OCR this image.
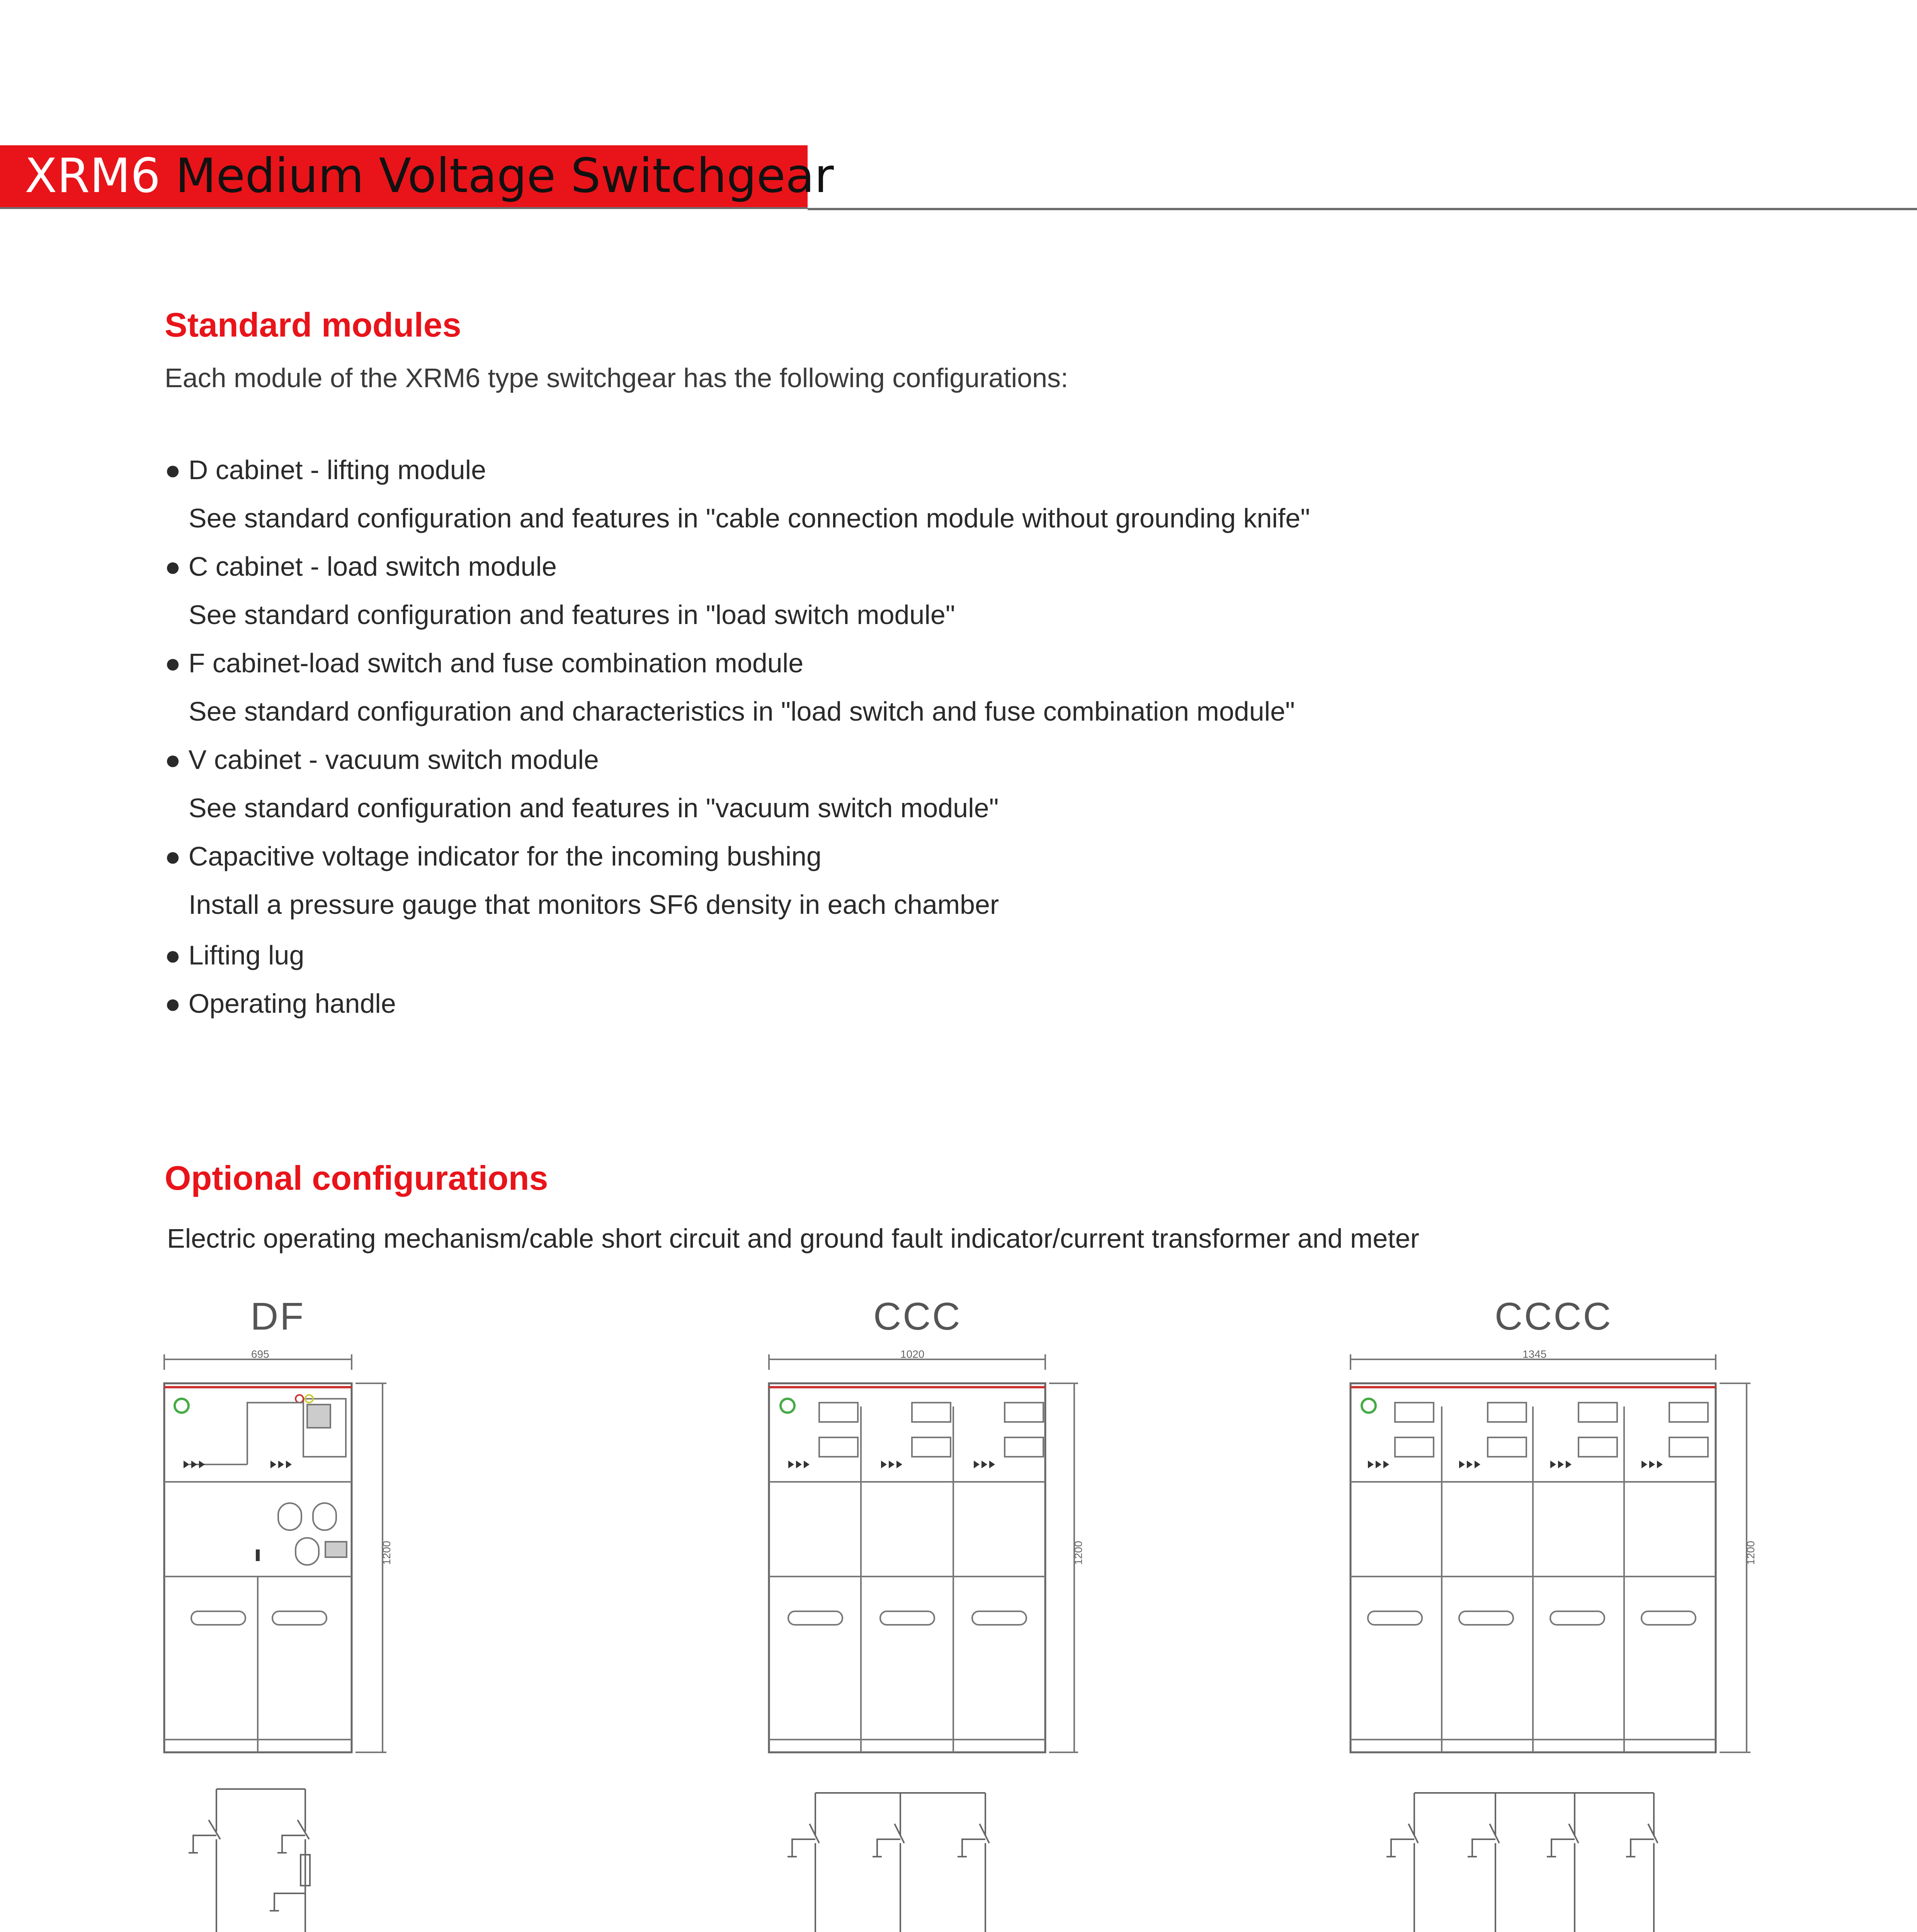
XRM6 Medium Voltage Switchgear
Standard modules
Each module of the XRM6 type switchgear has the following configurations:
● D cabinet - lifting module
See standard configuration and features in "cable connection module without grounding knife"
● C cabinet - load switch module
See standard configuration and features in "load switch module"
● F cabinet-load switch and fuse combination module
See standard configuration and characteristics in "load switch and fuse combination module"
● V cabinet - vacuum switch module
See standard configuration and features in "vacuum switch module"
● Capacitive voltage indicator for the incoming bushing
Install a pressure gauge that monitors SF6 density in each chamber
● Lifting lug
● Operating handle
Optional configurations
Electric operating mechanism/cable short circuit and ground fault indicator/current transformer and meter
DF	CCC	CCCC
695
1200
1020
1200
1345
1200
